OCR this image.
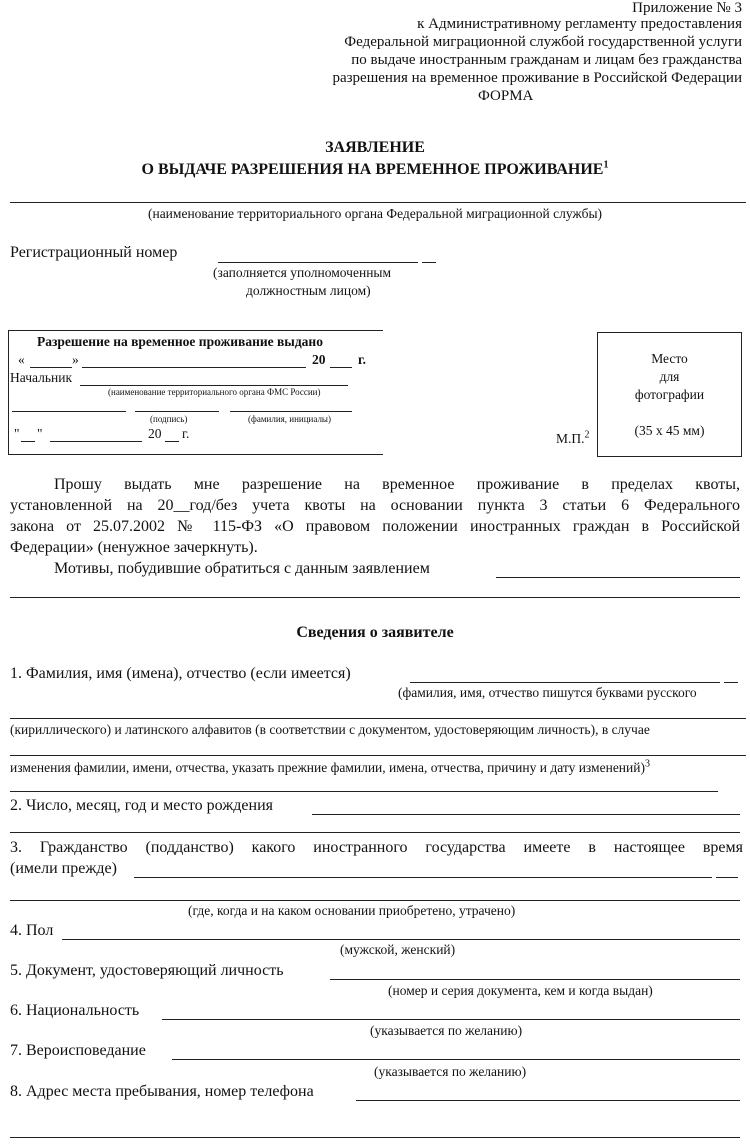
Приложение № 3
к Административному регламенту предоставления
Федеральной миграционной службой государственной услуги
по выдаче иностранным гражданам и лицам без гражданства
разрешения на временное проживание в Российской Федерации
ФОРМА
ЗАЯВЛЕНИЕ
О ВЫДАЧЕ РАЗРЕШЕНИЯ НА ВРЕМЕННОЕ ПРОЖИВАНИЕ$^1$
(наименование территориального органа Федеральной миграционной службы)
Регистрационный номер
(заполняется уполномоченным
должностным лицом)
Разрешение на временное проживание выдано
«	»	20 г.
Начальник
(наименование территориального органа ФМС России)
(подпись)	(фамилия, инициалы)
" "	20 г.	М.П.$^2$
Место
для
фотографии
(35 х 45 мм)
Прошу выдать мне разрешение на временное проживание в пределах квоты,
установленной на 20__год/без учета квоты на основании пункта 3 статьи 6 Федерального
закона от 25.07.2002 № 115-ФЗ «О правовом положении иностранных граждан в Российской
Федерации» (ненужное зачеркнуть).
Мотивы, побудившие обратиться с данным заявлением
Сведения о заявителе
1. Фамилия, имя (имена), отчество (если имеется)
(фамилия, имя, отчество пишутся буквами русского
(кириллического) и латинского алфавитов (в соответствии с документом, удостоверяющим личность), в случае
изменения фамилии, имени, отчества, указать прежние фамилии, имена, отчества, причину и дату изменений)$^3$
2. Число, месяц, год и место рождения
3. Гражданство (подданство) какого иностранного государства имеете в настоящее время
(имели прежде)
(где, когда и на каком основании приобретено, утрачено)
4. Пол
(мужской, женский)
5. Документ, удостоверяющий личность
(номер и серия документа, кем и когда выдан)
6. Национальность
(указывается по желанию)
7. Вероисповедание
(указывается по желанию)
8. Адрес места пребывания, номер телефона
